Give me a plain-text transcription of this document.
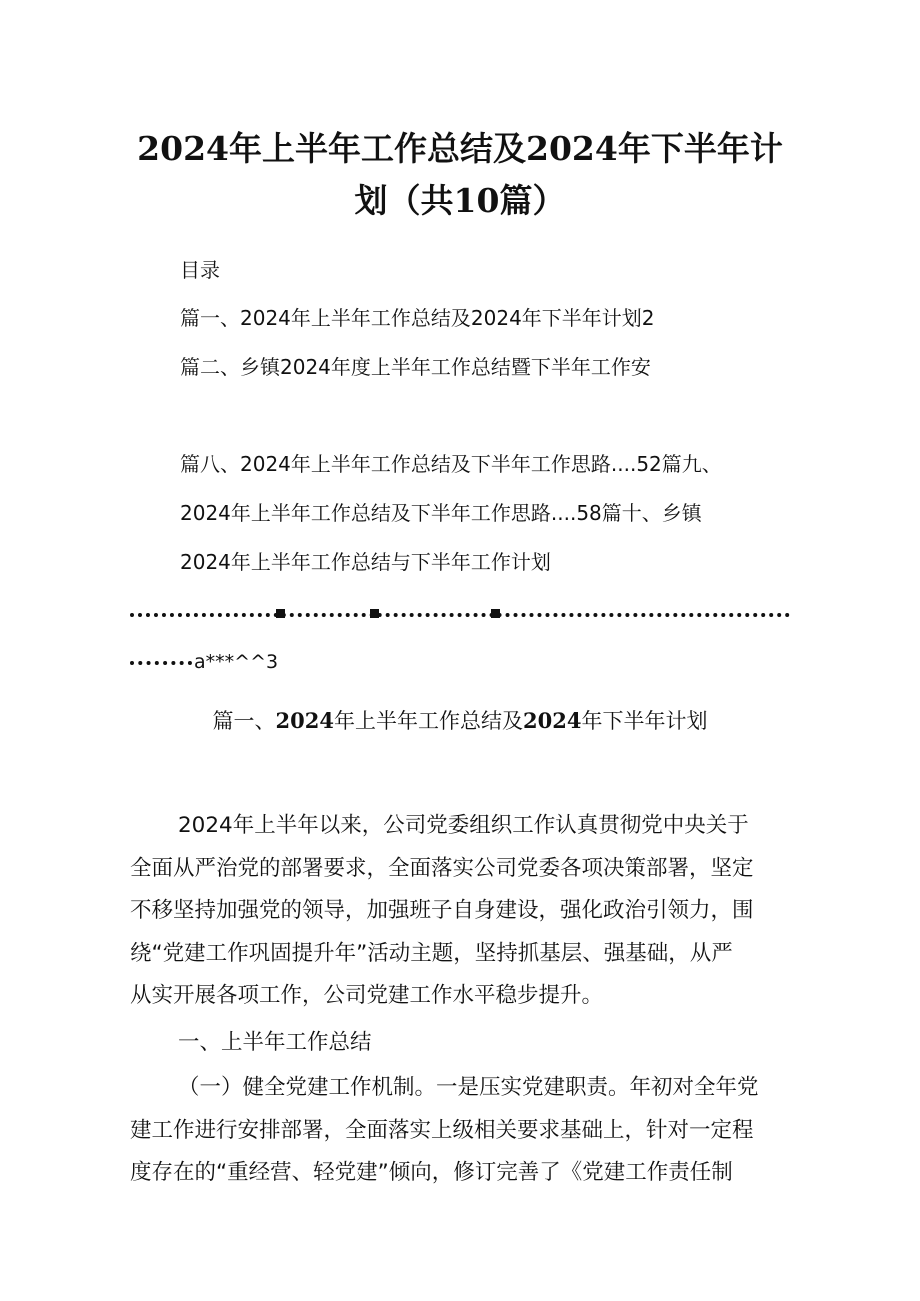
2024年上半年工作总结及2024年下半年计
划（共10篇）
目录
篇一、2024年上半年工作总结及2024年下半年计划2
篇二、乡镇2024年度上半年工作总结暨下半年工作安
篇八、2024年上半年工作总结及下半年工作思路....52篇九、
2024年上半年工作总结及下半年工作思路....58篇十、乡镇
2024年上半年工作总结与下半年工作计划
a***^^3
篇一、2024年上半年工作总结及2024年下半年计划
2024年上半年以来，公司党委组织工作认真贯彻党中央关于
全面从严治党的部署要求，全面落实公司党委各项决策部署，坚定
不移坚持加强党的领导，加强班子自身建设，强化政治引领力，围
绕“党建工作巩固提升年”活动主题，坚持抓基层、强基础，从严
从实开展各项工作，公司党建工作水平稳步提升。
一、上半年工作总结
（一）健全党建工作机制。一是压实党建职责。年初对全年党
建工作进行安排部署，全面落实上级相关要求基础上，针对一定程
度存在的“重经营、轻党建”倾向，修订完善了《党建工作责任制
